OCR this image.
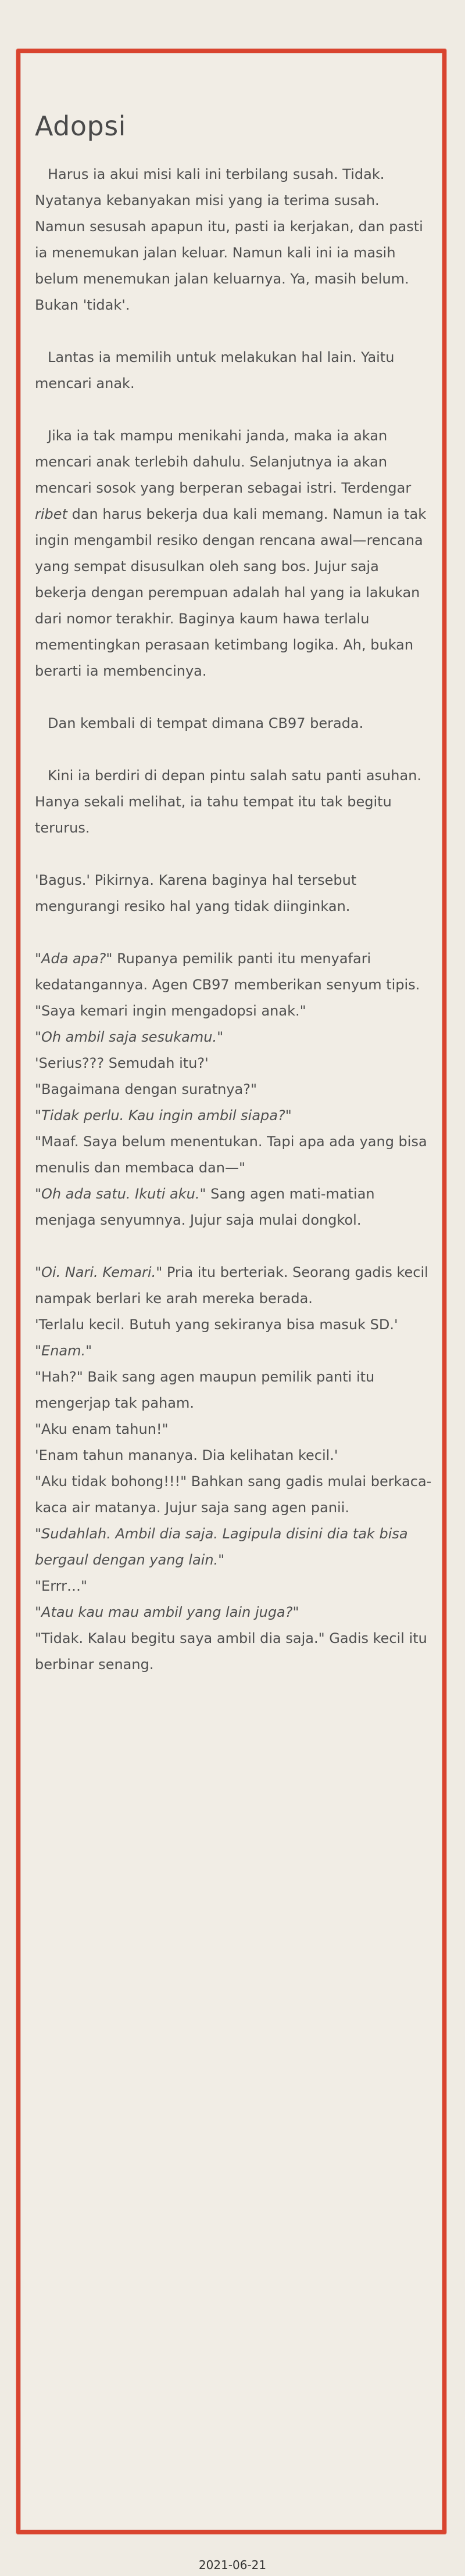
Adopsi

Harus ia akui misi kali ini terbilang susah. Tidak. Nyatanya kebanyakan misi yang ia terima susah. Namun sesusah apapun itu, pasti ia kerjakan, dan pasti ia menemukan jalan keluar. Namun kali ini ia masih belum menemukan jalan keluarnya. Ya, masih belum. Bukan 'tidak'.

Lantas ia memilih untuk melakukan hal lain. Yaitu mencari anak.

Jika ia tak mampu menikahi janda, maka ia akan mencari anak terlebih dahulu. Selanjutnya ia akan mencari sosok yang berperan sebagai istri. Terdengar ribet dan harus bekerja dua kali memang. Namun ia tak ingin mengambil resiko dengan rencana awal—rencana yang sempat disusulkan oleh sang bos. Jujur saja bekerja dengan perempuan adalah hal yang ia lakukan dari nomor terakhir. Baginya kaum hawa terlalu mementingkan perasaan ketimbang logika. Ah, bukan berarti ia membencinya.

Dan kembali di tempat dimana CB97 berada.

Kini ia berdiri di depan pintu salah satu panti asuhan. Hanya sekali melihat, ia tahu tempat itu tak begitu terurus.

'Bagus.' Pikirnya. Karena baginya hal tersebut mengurangi resiko hal yang tidak diinginkan.

"Ada apa?" Rupanya pemilik panti itu menyafari kedatangannya. Agen CB97 memberikan senyum tipis.

"Saya kemari ingin mengadopsi anak."

"Oh ambil saja sesukamu."

'Serius??? Semudah itu?'

"Bagaimana dengan suratnya?"

"Tidak perlu. Kau ingin ambil siapa?"

"Maaf. Saya belum menentukan. Tapi apa ada yang bisa menulis dan membaca dan—"

"Oh ada satu. Ikuti aku." Sang agen mati-matian menjaga senyumnya. Jujur saja mulai dongkol.

"Oi. Nari. Kemari." Pria itu berteriak. Seorang gadis kecil nampak berlari ke arah mereka berada.

'Terlalu kecil. Butuh yang sekiranya bisa masuk SD.'

"Enam."

"Hah?" Baik sang agen maupun pemilik panti itu mengerjap tak paham.

"Aku enam tahun!"

'Enam tahun mananya. Dia kelihatan kecil.'

"Aku tidak bohong!!!" Bahkan sang gadis mulai berkaca-kaca air matanya. Jujur saja sang agen panii.

"Sudahlah. Ambil dia saja. Lagipula disini dia tak bisa bergaul dengan yang lain."

"Errr…"

"Atau kau mau ambil yang lain juga?"

"Tidak. Kalau begitu saya ambil dia saja." Gadis kecil itu berbinar senang.

2021-06-21
